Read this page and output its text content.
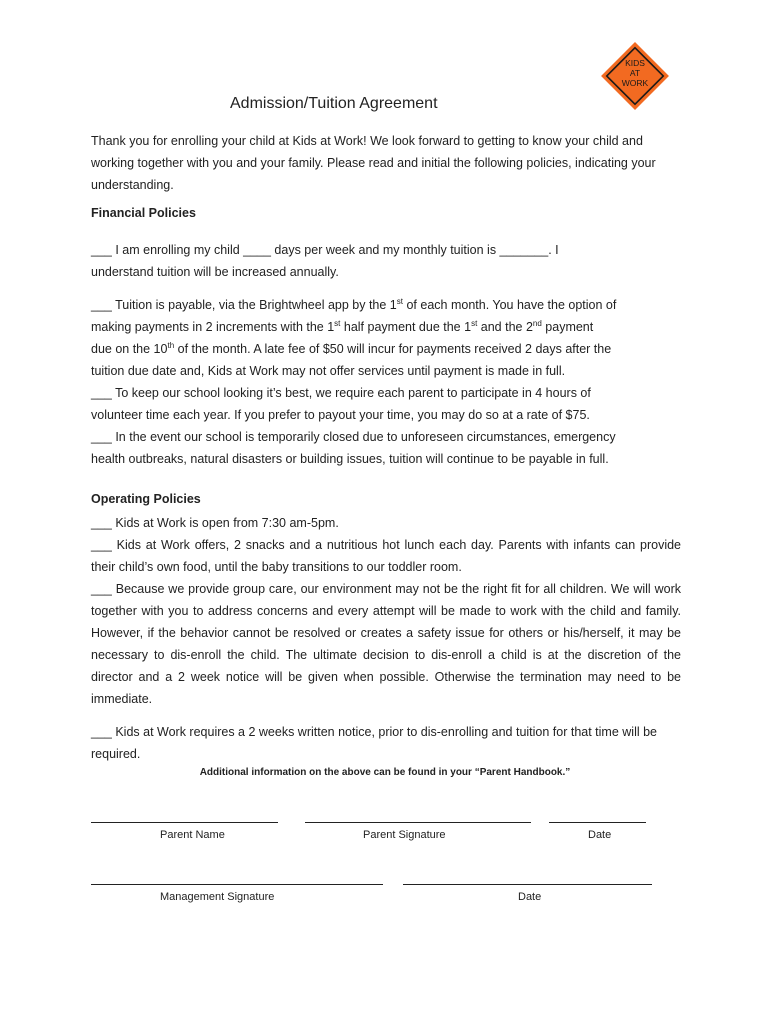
KIDS
AT
WORK
Admission/Tuition Agreement
Thank you for enrolling your child at Kids at Work! We look forward to getting to know your child and working together with you and your family. Please read and initial the following policies, indicating your understanding.
Financial Policies
___ I am enrolling my child ____ days per week and my monthly tuition is _______. I
understand tuition will be increased annually.
___ Tuition is payable, via the Brightwheel app by the 1st of each month. You have the option of
making payments in 2 increments with the 1st half payment due the 1st and the 2nd payment
due on the 10th of the month. A late fee of $50 will incur for payments received 2 days after the
tuition due date and, Kids at Work may not offer services until payment is made in full.
___ To keep our school looking it’s best, we require each parent to participate in 4 hours of
volunteer time each year. If you prefer to payout your time, you may do so at a rate of $75.
___ In the event our school is temporarily closed due to unforeseen circumstances, emergency
health outbreaks, natural disasters or building issues, tuition will continue to be payable in full.
Operating Policies
___ Kids at Work is open from 7:30 am-5pm.
___ Kids at Work offers, 2 snacks and a nutritious hot lunch each day. Parents with infants can provide their child’s own food, until the baby transitions to our toddler room.
___ Because we provide group care, our environment may not be the right fit for all children. We will work together with you to address concerns and every attempt will be made to work with the child and family. However, if the behavior cannot be resolved or creates a safety issue for others or his/herself, it may be necessary to dis-enroll the child. The ultimate decision to dis-enroll a child is at the discretion of the director and a 2 week notice will be given when possible. Otherwise the termination may need to be immediate.
___ Kids at Work requires a 2 weeks written notice, prior to dis-enrolling and tuition for that time will be required.
Additional information on the above can be found in your “Parent Handbook.”
Parent Name	Parent Signature	Date
Management Signature	Date
